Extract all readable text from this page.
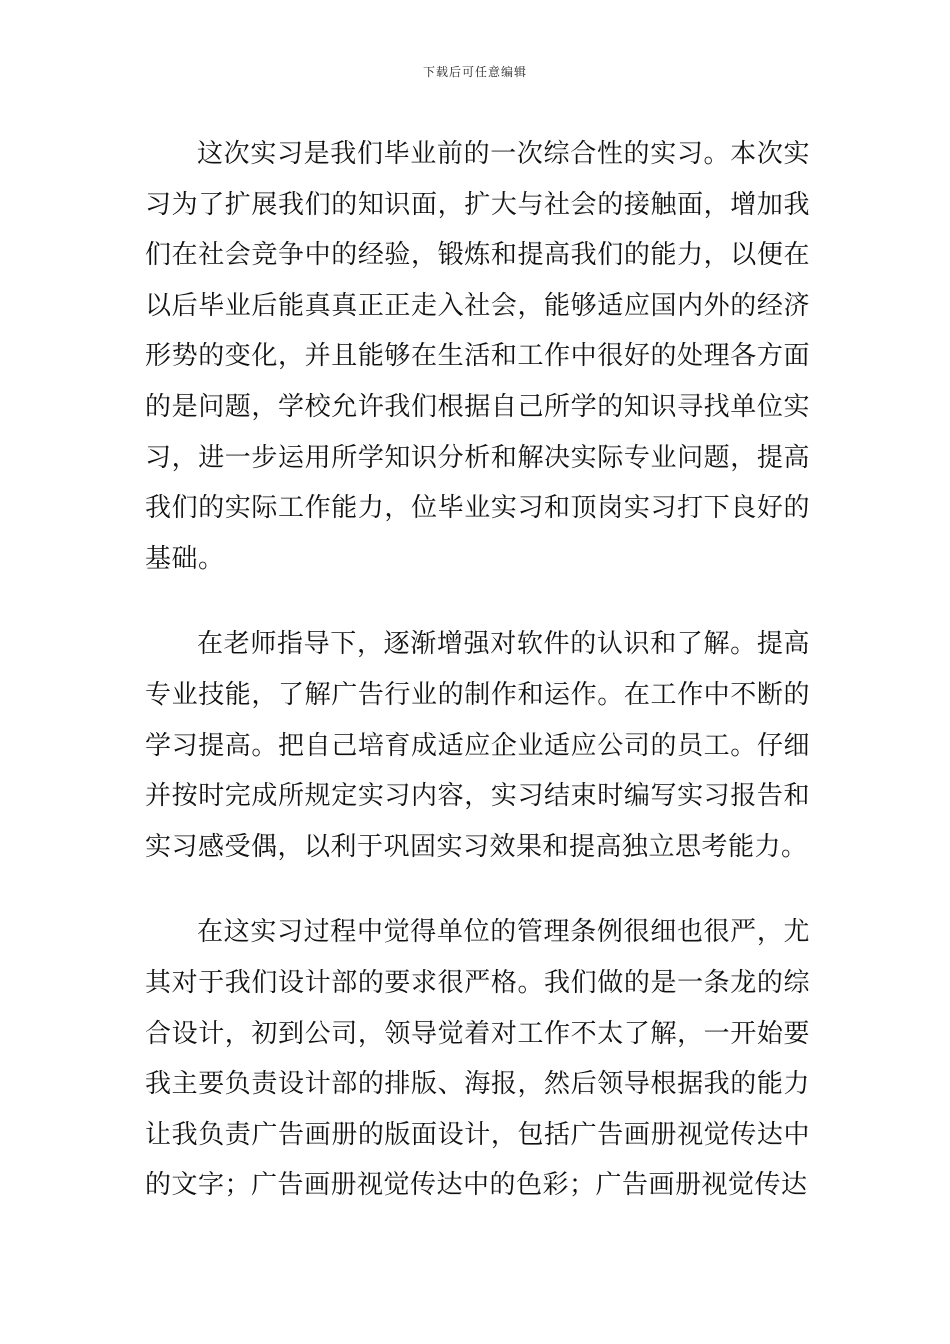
下载后可任意编辑

这次实习是我们毕业前的一次综合性的实习。本次实习为了扩展我们的知识面，扩大与社会的接触面，增加我们在社会竞争中的经验，锻炼和提高我们的能力，以便在以后毕业后能真真正正走入社会，能够适应国内外的经济形势的变化，并且能够在生活和工作中很好的处理各方面的是问题，学校允许我们根据自己所学的知识寻找单位实习，进一步运用所学知识分析和解决实际专业问题，提高我们的实际工作能力，位毕业实习和顶岗实习打下良好的基础。

在老师指导下，逐渐增强对软件的认识和了解。提高专业技能，了解广告行业的制作和运作。在工作中不断的学习提高。把自己培育成适应企业适应公司的员工。仔细并按时完成所规定实习内容，实习结束时编写实习报告和实习感受偶，以利于巩固实习效果和提高独立思考能力。

在这实习过程中觉得单位的管理条例很细也很严，尤其对于我们设计部的要求很严格。我们做的是一条龙的综合设计，初到公司，领导觉着对工作不太了解，一开始要我主要负责设计部的排版、海报，然后领导根据我的能力让我负责广告画册的版面设计，包括广告画册视觉传达中的文字；广告画册视觉传达中的色彩；广告画册视觉传达
